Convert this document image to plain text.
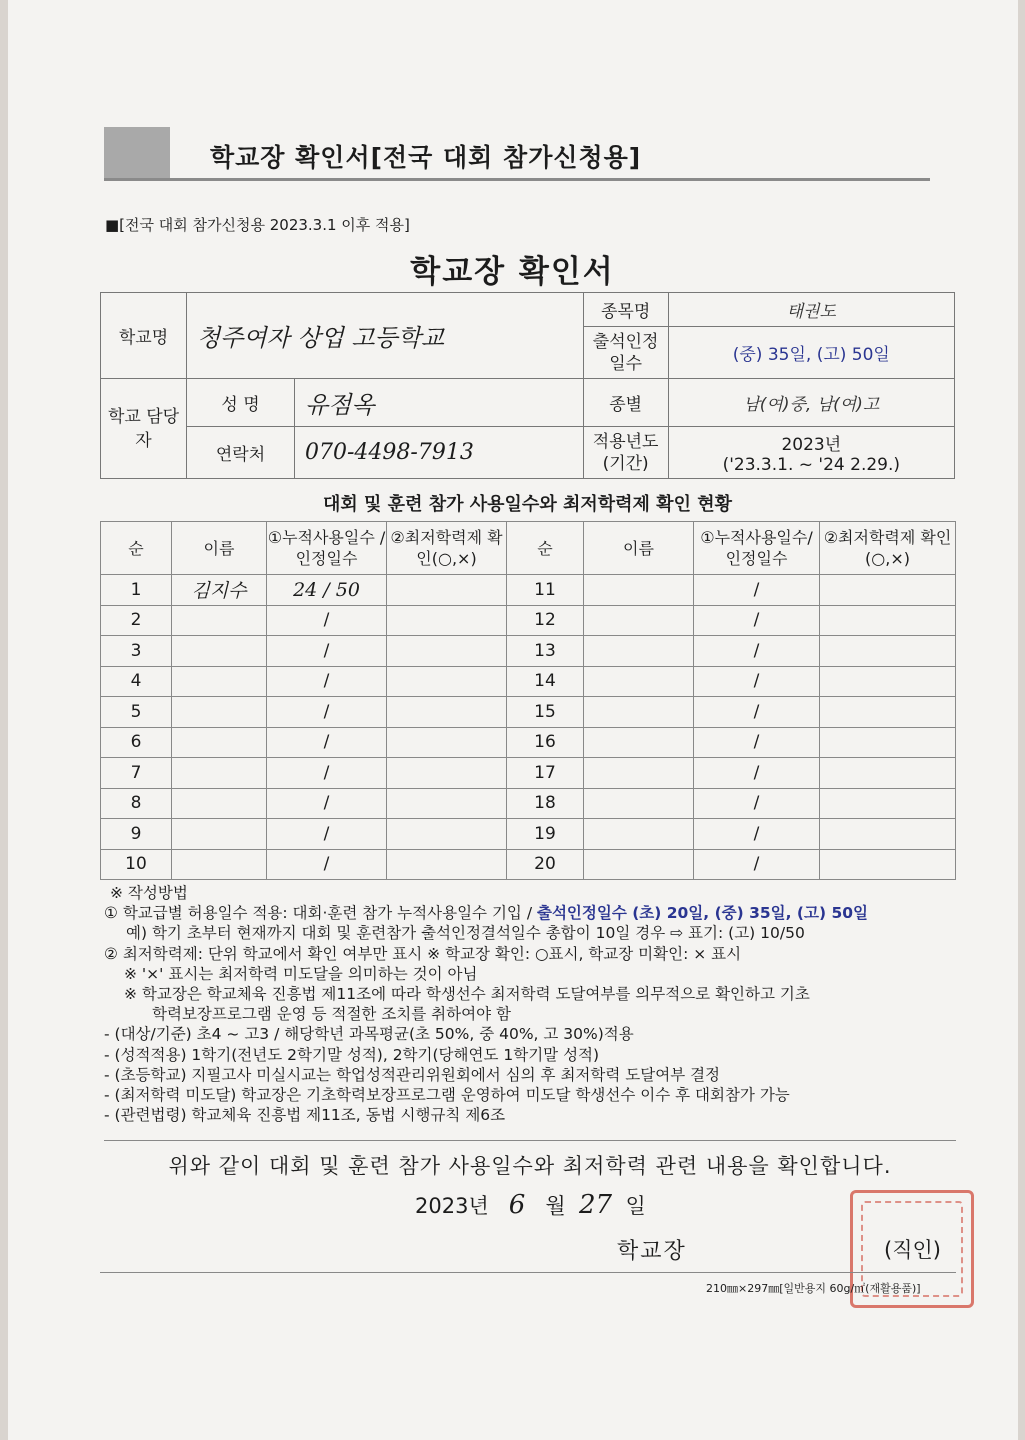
학교장 확인서[전국 대회 참가신청용]
■[전국 대회 참가신청용 2023.3.1 이후 적용]
학교장 확인서
학교명	청주여자 상업 고등학교		종목명	태권도
			출석인정 일수	(중) 35일, (고) 50일
학교 담당자	성 명	유점옥	종별	남(여)중, 남(여)고
	연락처	070-4498-7913	적용년도 (기간)	2023년
('23.3.1. ~ '24 2.29.)
대회 및 훈련 참가 사용일수와 최저학력제 확인 현황
순	이름	①누적사용일수 /인정일수	②최저학력제 확인(○,×)	순	이름	①누적사용일수/ 인정일수	②최저학력제 확인(○,×)
1	김지수	24 / 50		11		/	
2		/		12		/	
3		/		13		/	
4		/		14		/	
5		/		15		/	
6		/		16		/	
7		/		17		/	
8		/		18		/	
9		/		19		/	
10		/		20		/	
※ 작성방법
① 학교급별 허용일수 적용: 대회·훈련 참가 누적사용일수 기입 / 출석인정일수 (초) 20일, (중) 35일, (고) 50일
예) 학기 초부터 현재까지 대회 및 훈련참가 출석인정결석일수 총합이 10일 경우 ⇨ 표기: (고) 10/50
② 최저학력제: 단위 학교에서 확인 여부만 표시 ※ 학교장 확인: ○표시, 학교장 미확인: × 표시
※ '×' 표시는 최저학력 미도달을 의미하는 것이 아님
※ 학교장은 학교체육 진흥법 제11조에 따라 학생선수 최저학력 도달여부를 의무적으로 확인하고 기초
학력보장프로그램 운영 등 적절한 조치를 취하여야 함
- (대상/기준) 초4 ~ 고3 / 해당학년 과목평균(초 50%, 중 40%, 고 30%)적용
- (성적적용) 1학기(전년도 2학기말 성적), 2학기(당해연도 1학기말 성적)
- (초등학교) 지필고사 미실시교는 학업성적관리위원회에서 심의 후 최저학력 도달여부 결정
- (최저학력 미도달) 학교장은 기초학력보장프로그램 운영하여 미도달 학생선수 이수 후 대회참가 가능
- (관련법령) 학교체육 진흥법 제11조, 동법 시행규칙 제6조
위와 같이 대회 및 훈련 참가 사용일수와 최저학력 관련 내용을 확인합니다.
2023년 6 월 27 일
학교장	(직인)
210㎜×297㎜[일반용지 60g/㎡(재활용품)]
